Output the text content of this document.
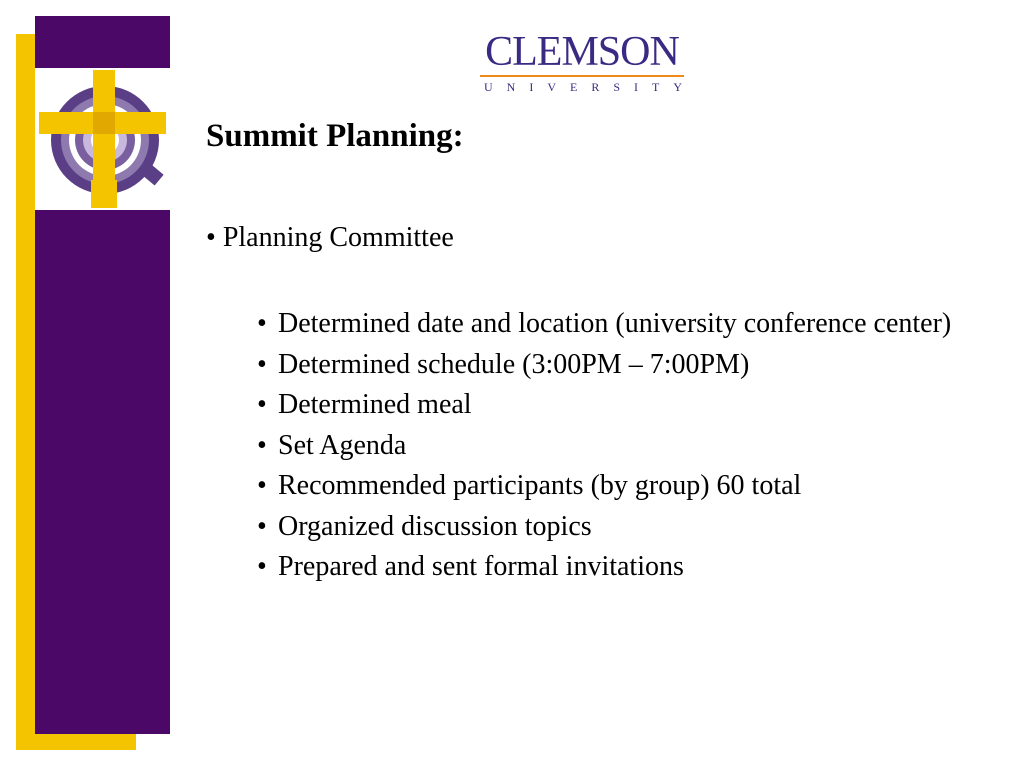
CLEMSON
UNIVERSITY
Summit Planning:
• Planning Committee
• Determined date and location (university conference center)
• Determined schedule (3:00PM – 7:00PM)
• Determined meal
• Set Agenda
• Recommended participants (by group) 60 total
• Organized discussion topics
• Prepared and sent formal invitations
